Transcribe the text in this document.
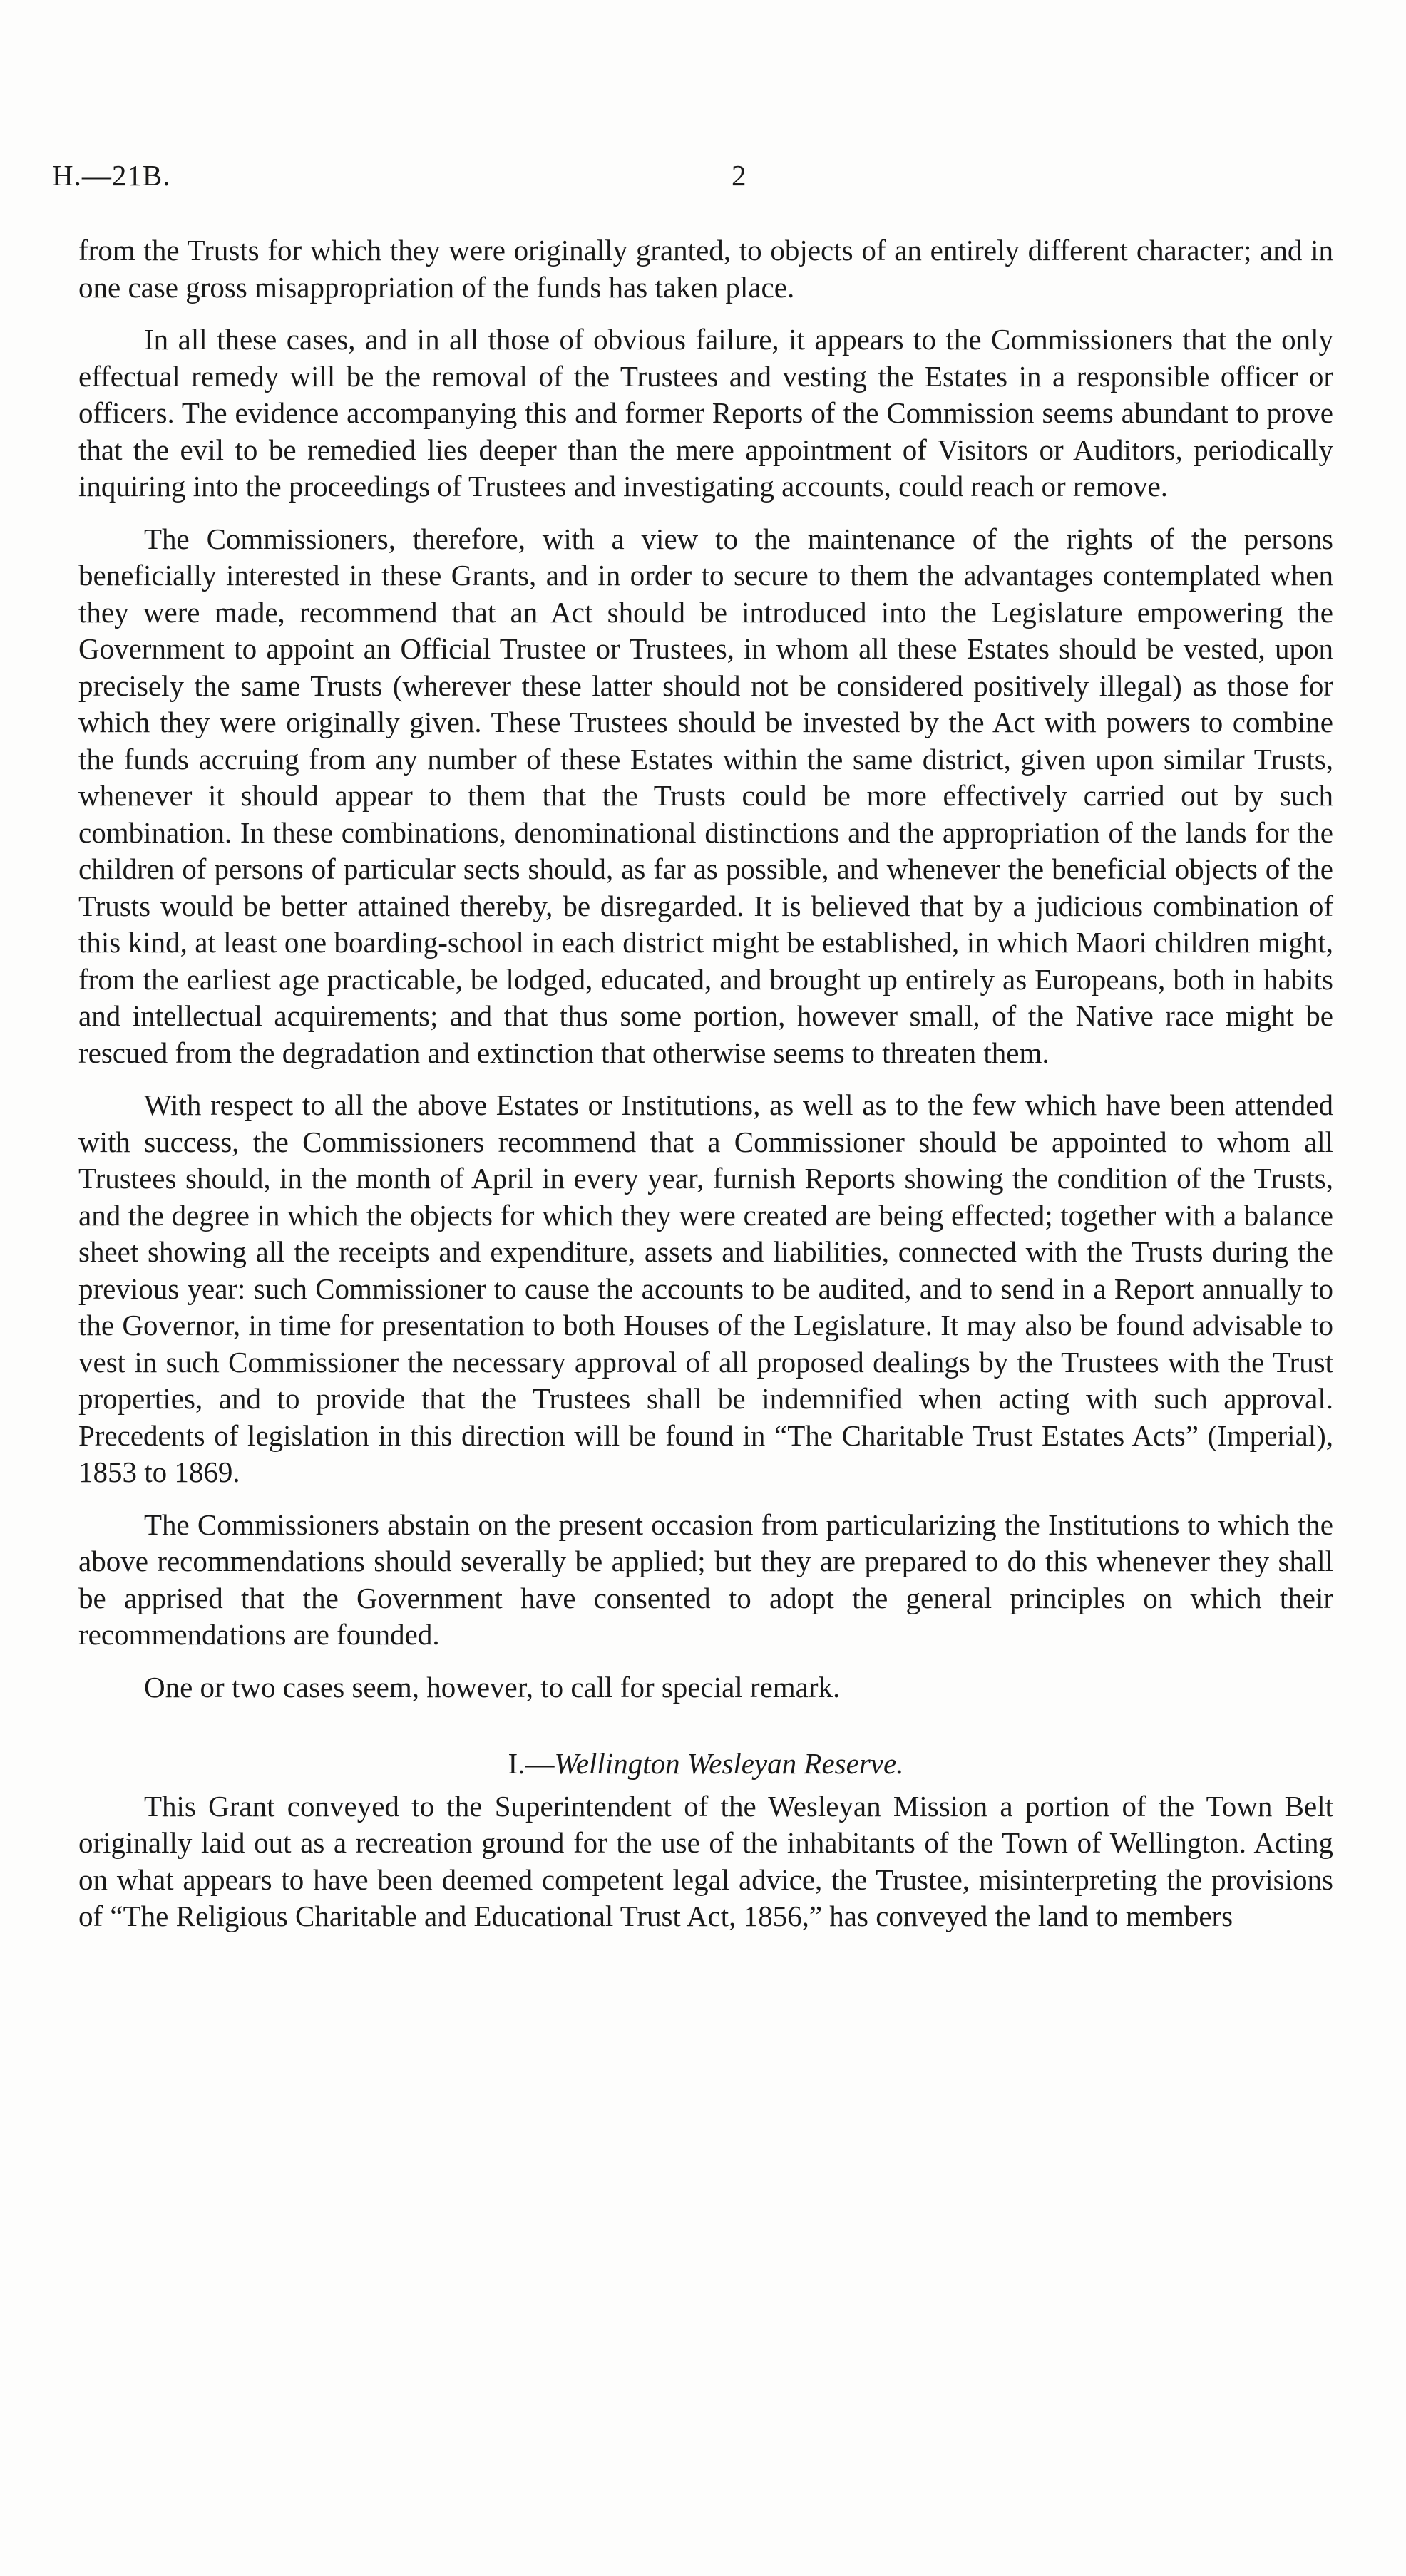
H.—21B.	2

from the Trusts for which they were originally granted, to objects of an entirely different character; and in one case gross misappropriation of the funds has taken place.

In all these cases, and in all those of obvious failure, it appears to the Commissioners that the only effectual remedy will be the removal of the Trustees and vesting the Estates in a responsible officer or officers. The evidence accompanying this and former Reports of the Commission seems abundant to prove that the evil to be remedied lies deeper than the mere appointment of Visitors or Auditors, periodically inquiring into the proceedings of Trustees and investigating accounts, could reach or remove.

The Commissioners, therefore, with a view to the maintenance of the rights of the persons beneficially interested in these Grants, and in order to secure to them the advantages contemplated when they were made, recommend that an Act should be introduced into the Legislature empowering the Government to appoint an Official Trustee or Trustees, in whom all these Estates should be vested, upon precisely the same Trusts (wherever these latter should not be considered positively illegal) as those for which they were originally given. These Trustees should be invested by the Act with powers to combine the funds accruing from any number of these Estates within the same district, given upon similar Trusts, whenever it should appear to them that the Trusts could be more effectively carried out by such combination. In these combinations, denominational distinctions and the appropriation of the lands for the children of persons of particular sects should, as far as possible, and whenever the beneficial objects of the Trusts would be better attained thereby, be disregarded. It is believed that by a judicious combination of this kind, at least one boarding-school in each district might be established, in which Maori children might, from the earliest age practicable, be lodged, educated, and brought up entirely as Europeans, both in habits and intellectual acquirements; and that thus some portion, however small, of the Native race might be rescued from the degradation and extinction that otherwise seems to threaten them.

With respect to all the above Estates or Institutions, as well as to the few which have been attended with success, the Commissioners recommend that a Commissioner should be appointed to whom all Trustees should, in the month of April in every year, furnish Reports showing the condition of the Trusts, and the degree in which the objects for which they were created are being effected; together with a balance sheet showing all the receipts and expenditure, assets and liabilities, connected with the Trusts during the previous year: such Commissioner to cause the accounts to be audited, and to send in a Report annually to the Governor, in time for presentation to both Houses of the Legislature. It may also be found advisable to vest in such Commissioner the necessary approval of all proposed dealings by the Trustees with the Trust properties, and to provide that the Trustees shall be indemnified when acting with such approval. Precedents of legislation in this direction will be found in “The Charitable Trust Estates Acts” (Imperial), 1853 to 1869.

The Commissioners abstain on the present occasion from particularizing the Institutions to which the above recommendations should severally be applied; but they are prepared to do this whenever they shall be apprised that the Government have consented to adopt the general principles on which their recommendations are founded.

One or two cases seem, however, to call for special remark.

I.—Wellington Wesleyan Reserve.

This Grant conveyed to the Superintendent of the Wesleyan Mission a portion of the Town Belt originally laid out as a recreation ground for the use of the inhabitants of the Town of Wellington. Acting on what appears to have been deemed competent legal advice, the Trustee, misinterpreting the provisions of “The Religious Charitable and Educational Trust Act, 1856,” has conveyed the land to members
